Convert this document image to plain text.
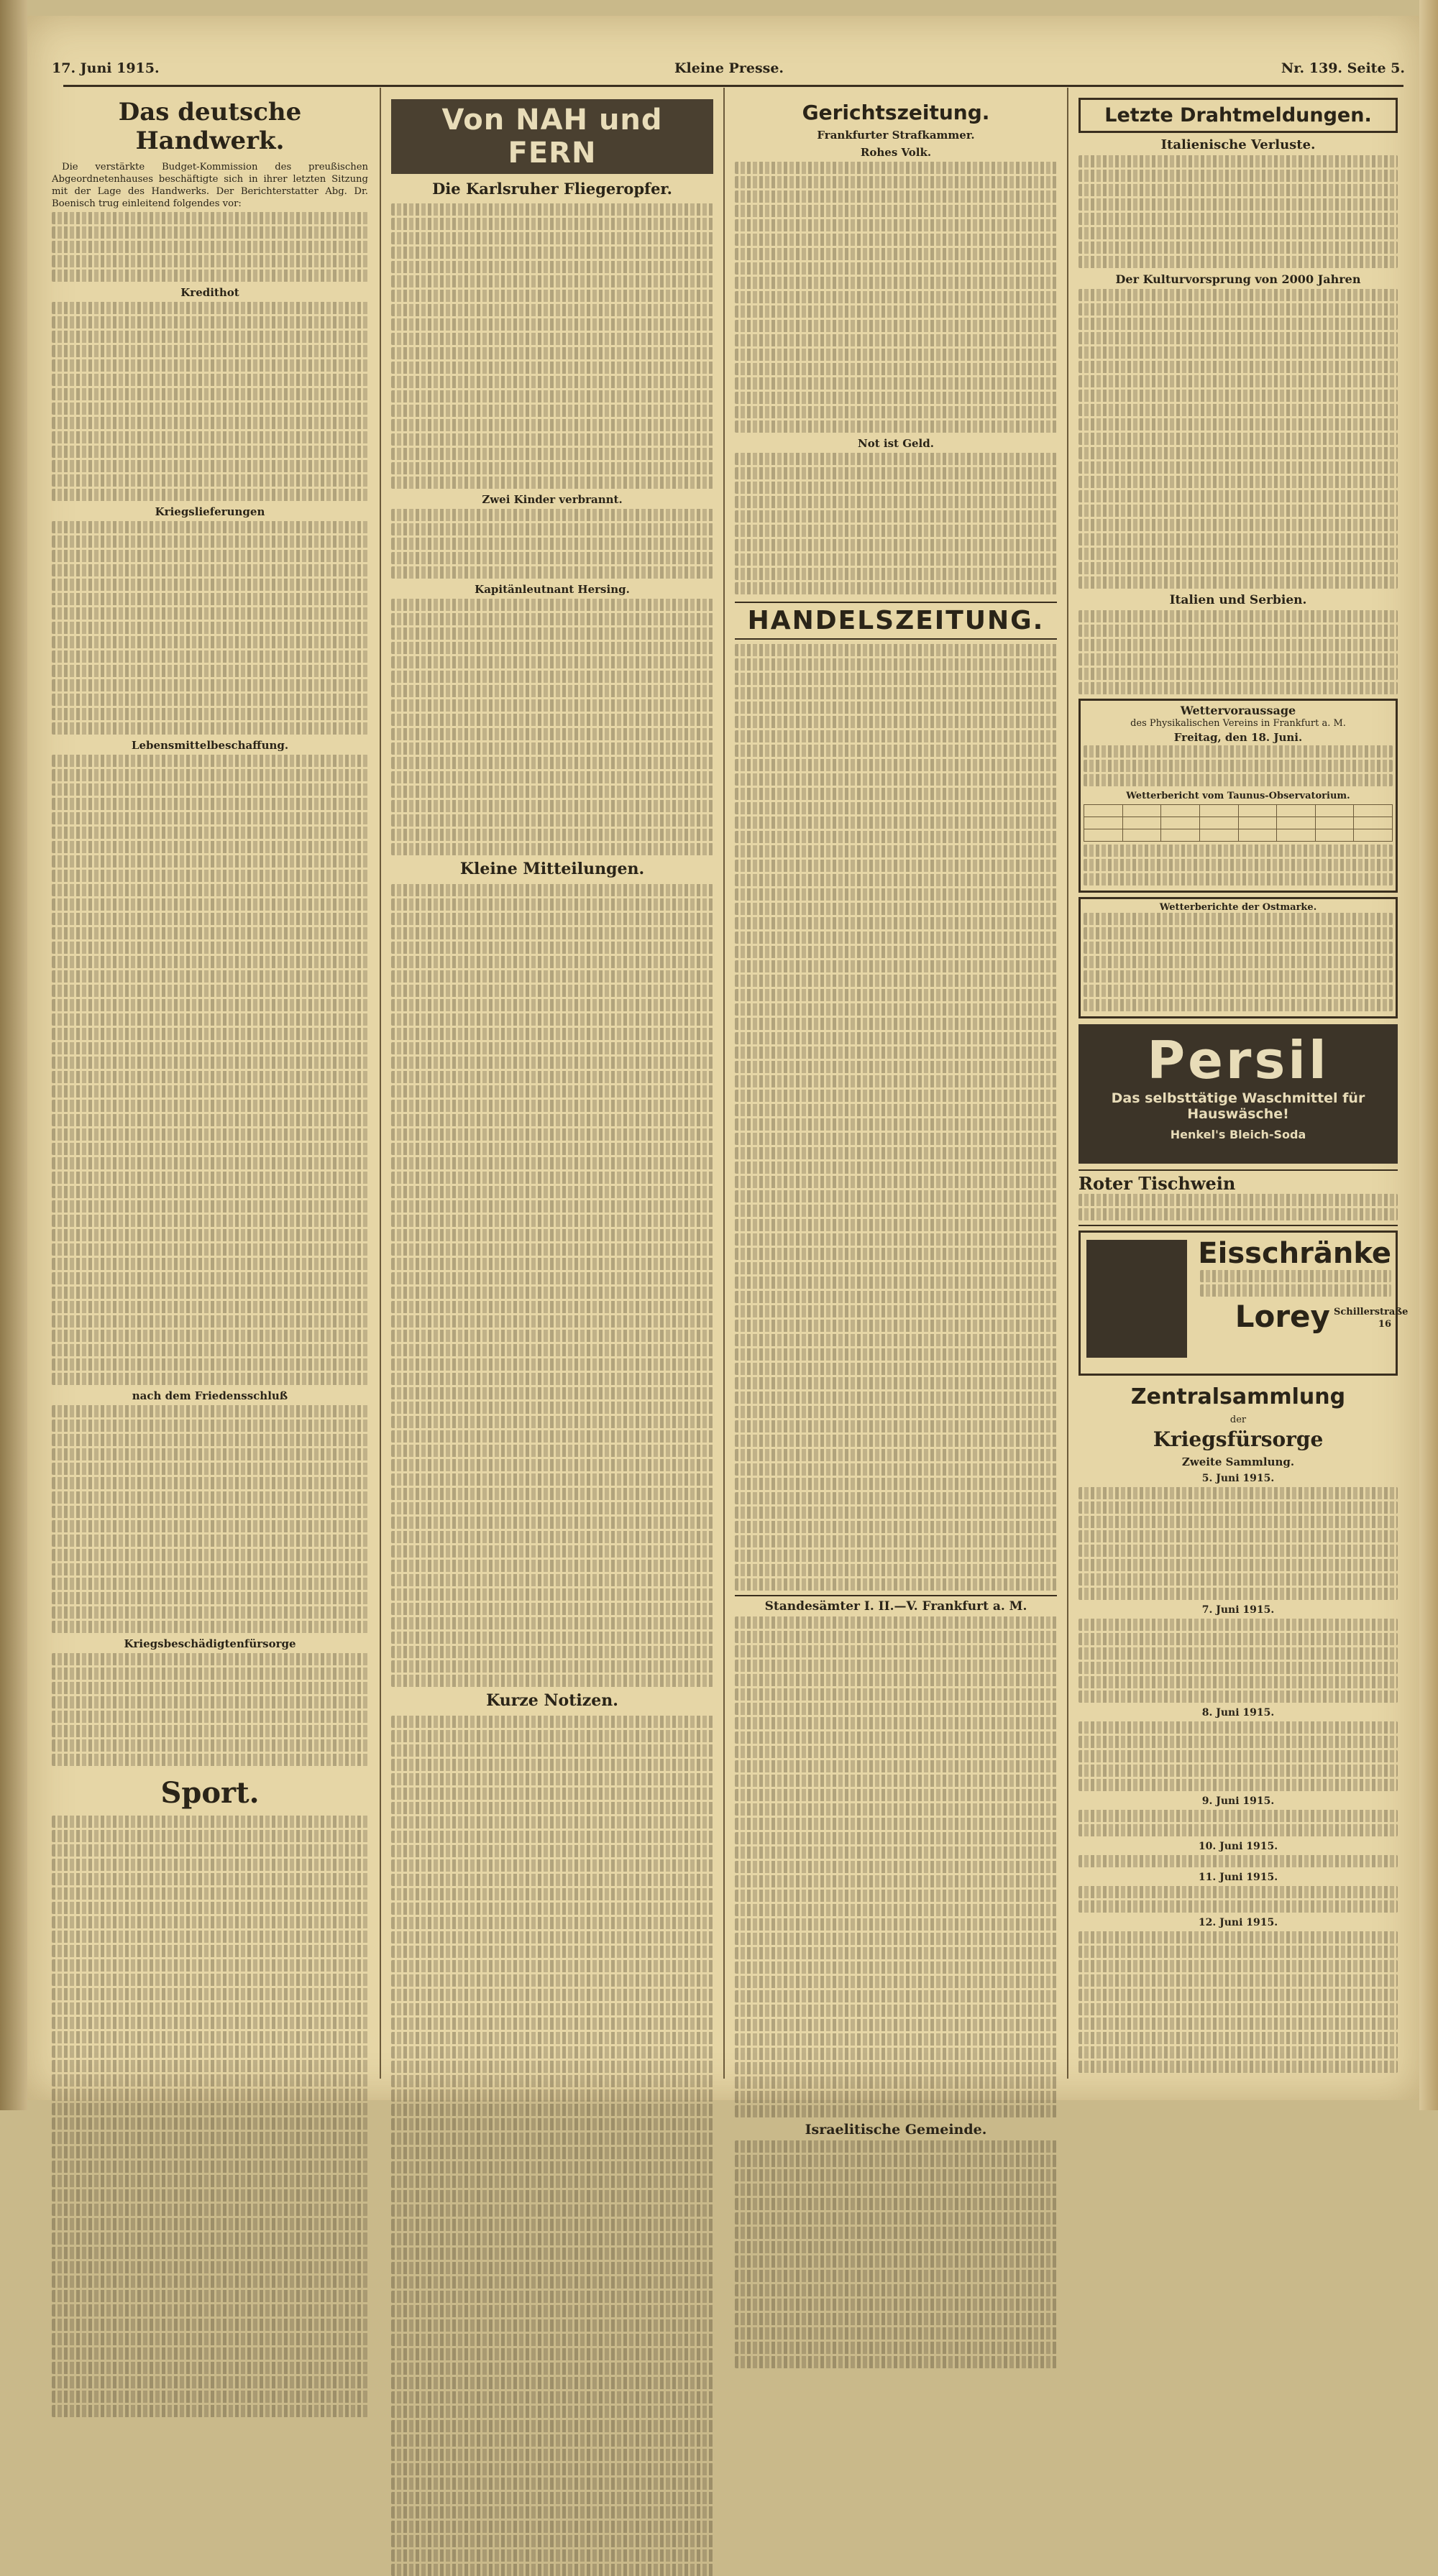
17. Juni 1915.	Kleine Presse.	Nr. 139. Seite 5.
Das deutsche Handwerk.

Die verstärkte Budget-Kommission des preußischen Abgeordnetenhauses beschäftigte sich in ihrer letzten Sitzung mit der Lage des Handwerks. Der Berichterstatter Abg. Dr. Boenisch trug einleitend folgendes vor:

Kredithot
Kriegslieferungen
Lebensmittelbeschaffung.
nach dem Friedensschluß
Kriegsbeschädigtenfürsorge
Sport.
Von NAH und FERN
Die Karlsruher Fliegeropfer.
Zwei Kinder verbrannt.
Kapitänleutnant Hersing.
Kleine Mitteilungen.
Kurze Notizen.
Gerichtszeitung.
Frankfurter Strafkammer.
Rohes Volk.
Not ist Geld.
HANDELSZEITUNG.
Standesämter I. II.—V. Frankfurt a. M.
Israelitische Gemeinde.
Letzte Drahtmeldungen.
Italienische Verluste.
Der Kulturvorsprung von 2000 Jahren
Italien und Serbien.
Wettervoraussage
des Physikalischen Vereins in Frankfurt a. M.
Freitag, den 18. Juni.
Wetterbericht vom Taunus-Observatorium.

Wetterberichte der Ostmarke.
Persil
Das selbsttätige Waschmittel für Hauswäsche!
Henkel's Bleich-Soda
Roter Tischwein
Eisschränke
Lorey Schillerstraße 16
Zentralsammlung
der
Kriegsfürsorge
Zweite Sammlung.
5. Juni 1915.
7. Juni 1915.
8. Juni 1915.
9. Juni 1915.
10. Juni 1915.
11. Juni 1915.
12. Juni 1915.
